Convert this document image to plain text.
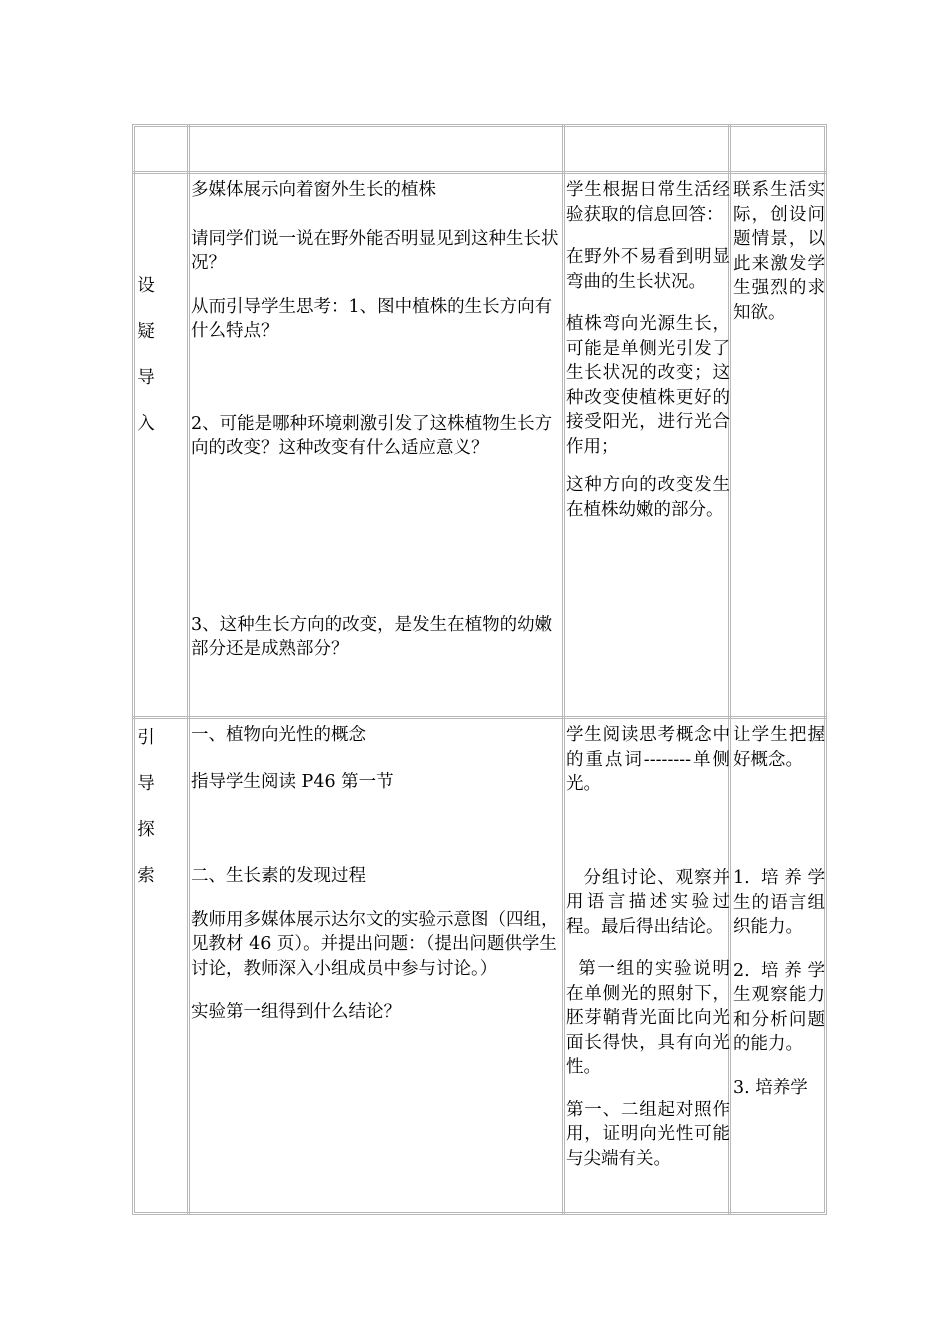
设
疑
导
入

多媒体展示向着窗外生长的植株

请同学们说一说在野外能否明显见到这种生长状况？

从而引导学生思考：1、图中植株的生长方向有什么特点？

2、可能是哪种环境刺激引发了这株植物生长方向的改变？这种改变有什么适应意义？

3、这种生长方向的改变，是发生在植物的幼嫩部分还是成熟部分？

学生根据日常生活经 验获取的信息回答：

在野外不易看到明显弯曲的生长状况。

植株弯向光源生长，可能是单侧光引发了生长状况的改变；这种改变使植株更好的接受阳光，进行光合作用；

这种方向的改变发生在植株幼嫩的部分。

联系生活实际，创设问题情景，以此来激发学生强烈的求知欲。

引
导
探
索

一、植物向光性的概念

指导学生阅读 P46 第一节

二、生长素的发现过程

教师用多媒体展示达尔文的实验示意图（四组，见教材 46 页）。并提出问题：（提出问题供学生讨论，教师深入小组成员中参与讨论。）

实验第一组得到什么结论？

学生阅读思考概念中的重点词--------单侧光。

分组讨论、观察并用语言描述实验过程。最后得出结论。

第一组的实验说明在单侧光的照射下，胚芽鞘背光面比向光面长得快，具有向光性。

第一、二组起对照作用，证明向光性可能与尖端有关。

让学生把握好概念。

1. 培养学生的语言组织能力。

2. 培养学生观察能力和分析问题的能力。

3. 培养学
